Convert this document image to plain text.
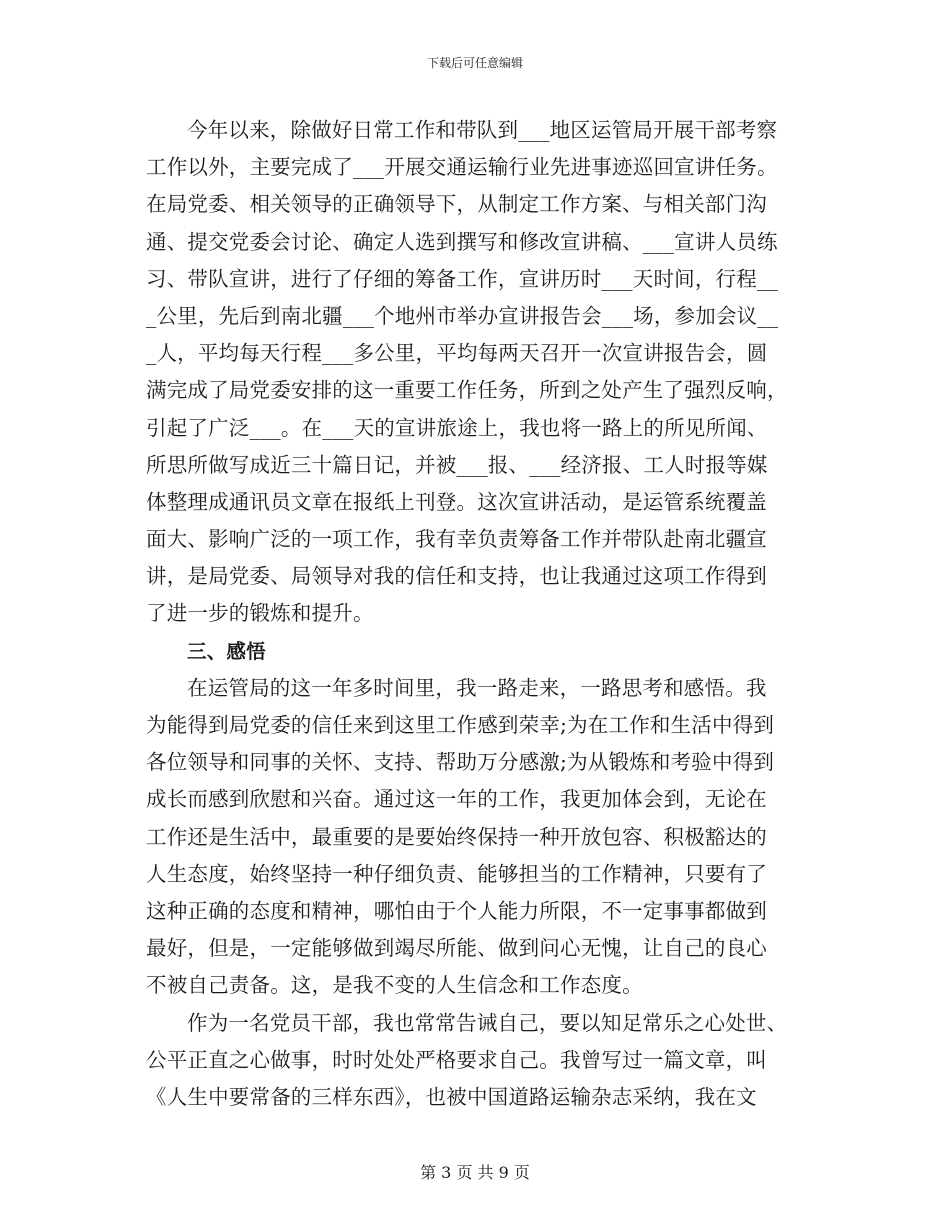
下载后可任意编辑
今年以来，除做好日常工作和带队到___地区运管局开展干部考察
工作以外，主要完成了___开展交通运输行业先进事迹巡回宣讲任务。
在局党委、相关领导的正确领导下，从制定工作方案、与相关部门沟
通、提交党委会讨论、确定人选到撰写和修改宣讲稿、___宣讲人员练
习、带队宣讲，进行了仔细的筹备工作，宣讲历时___天时间，行程__
_公里，先后到南北疆___个地州市举办宣讲报告会___场，参加会议__
_人，平均每天行程___多公里，平均每两天召开一次宣讲报告会，圆
满完成了局党委安排的这一重要工作任务，所到之处产生了强烈反响，
引起了广泛___。在___天的宣讲旅途上，我也将一路上的所见所闻、
所思所做写成近三十篇日记，并被___报、___经济报、工人时报等媒
体整理成通讯员文章在报纸上刊登。这次宣讲活动，是运管系统覆盖
面大、影响广泛的一项工作，我有幸负责筹备工作并带队赴南北疆宣
讲，是局党委、局领导对我的信任和支持，也让我通过这项工作得到
了进一步的锻炼和提升。
三、感悟
在运管局的这一年多时间里，我一路走来，一路思考和感悟。我
为能得到局党委的信任来到这里工作感到荣幸;为在工作和生活中得到
各位领导和同事的关怀、支持、帮助万分感激;为从锻炼和考验中得到
成长而感到欣慰和兴奋。通过这一年的工作，我更加体会到，无论在
工作还是生活中，最重要的是要始终保持一种开放包容、积极豁达的
人生态度，始终坚持一种仔细负责、能够担当的工作精神，只要有了
这种正确的态度和精神，哪怕由于个人能力所限，不一定事事都做到
最好，但是，一定能够做到竭尽所能、做到问心无愧，让自己的良心
不被自己责备。这，是我不变的人生信念和工作态度。
作为一名党员干部，我也常常告诫自己，要以知足常乐之心处世、
公平正直之心做事，时时处处严格要求自己。我曾写过一篇文章，叫
《人生中要常备的三样东西》，也被中国道路运输杂志采纳，我在文
第 3 页 共 9 页
